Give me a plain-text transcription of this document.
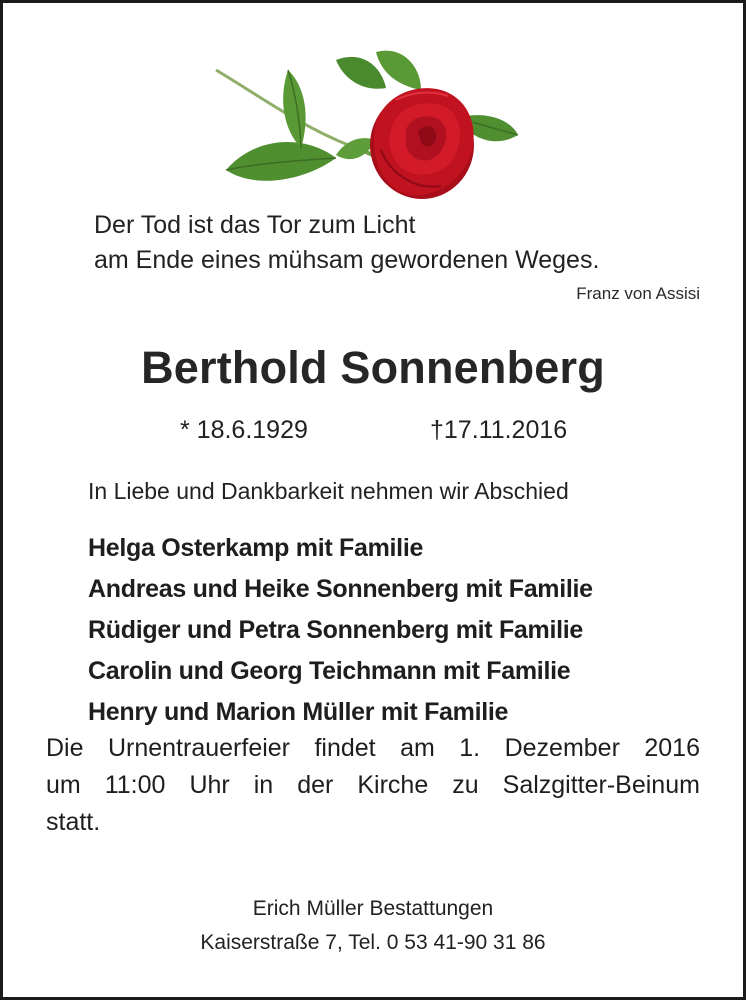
Der Tod ist das Tor zum Licht
am Ende eines mühsam gewordenen Weges.
Franz von Assisi
Berthold Sonnenberg
* 18.6.1929	†17.11.2016
In Liebe und Dankbarkeit nehmen wir Abschied
Helga Osterkamp mit Familie
Andreas und Heike Sonnenberg mit Familie
Rüdiger und Petra Sonnenberg mit Familie
Carolin und Georg Teichmann mit Familie
Henry und Marion Müller mit Familie
Die Urnentrauerfeier findet am 1. Dezember 2016
um 11:00 Uhr in der Kirche zu Salzgitter-Beinum
statt.
Erich Müller Bestattungen
Kaiserstraße 7, Tel. 0 53 41-90 31 86
